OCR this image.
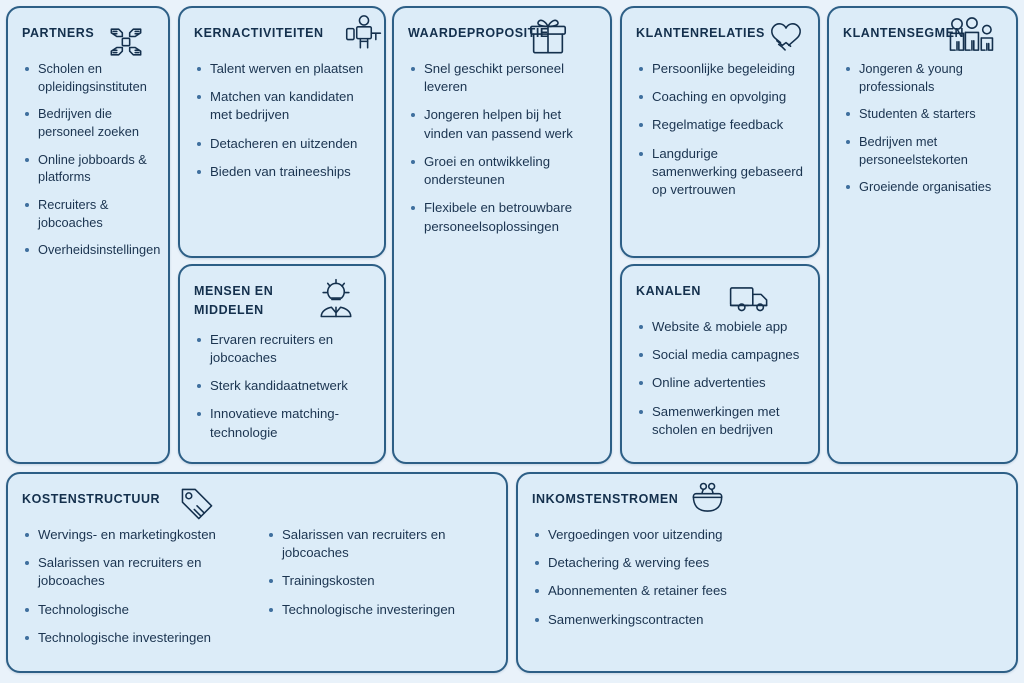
PARTNERS
Scholen en opleidingsinstituten
Bedrijven die personeel zoeken
Online jobboards & platforms
Recruiters & jobcoaches
Overheidsinstellingen
KERNACTIVITEITEN
Talent werven en plaatsen
Matchen van kandidaten met bedrijven
Detacheren en uitzenden
Bieden van traineeships
MENSEN EN MIDDELEN
Ervaren recruiters en jobcoaches
Sterk kandidaatnetwerk
Innovatieve matching-technologie
WAARDEPROPOSITIE
Snel geschikt personeel leveren
Jongeren helpen bij het vinden van passend werk
Groei en ontwikkeling ondersteunen
Flexibele en betrouwbare personeelsoplossingen
KLANTENRELATIES
Persoonlijke begeleiding
Coaching en opvolging
Regelmatige feedback
Langdurige samenwerking gebaseerd op vertrouwen
KANALEN
Website & mobiele app
Social media campagnes
Online advertenties
Samenwerkingen met scholen en bedrijven
KLANTENSEGMEN
Jongeren & young professionals
Studenten & starters
Bedrijven met personeelstekorten
Groeiende organisaties
KOSTENSTRUCTUUR
Wervings- en marketingkosten
Salarissen van recruiters en jobcoaches
Technologische
Technologische investeringen
Salarissen van recruiters en jobcoaches
Trainingskosten
Technologische investeringen
INKOMSTENSTROMEN
Vergoedingen voor uitzending
Detachering & werving fees
Abonnementen & retainer fees
Samenwerkingscontracten
